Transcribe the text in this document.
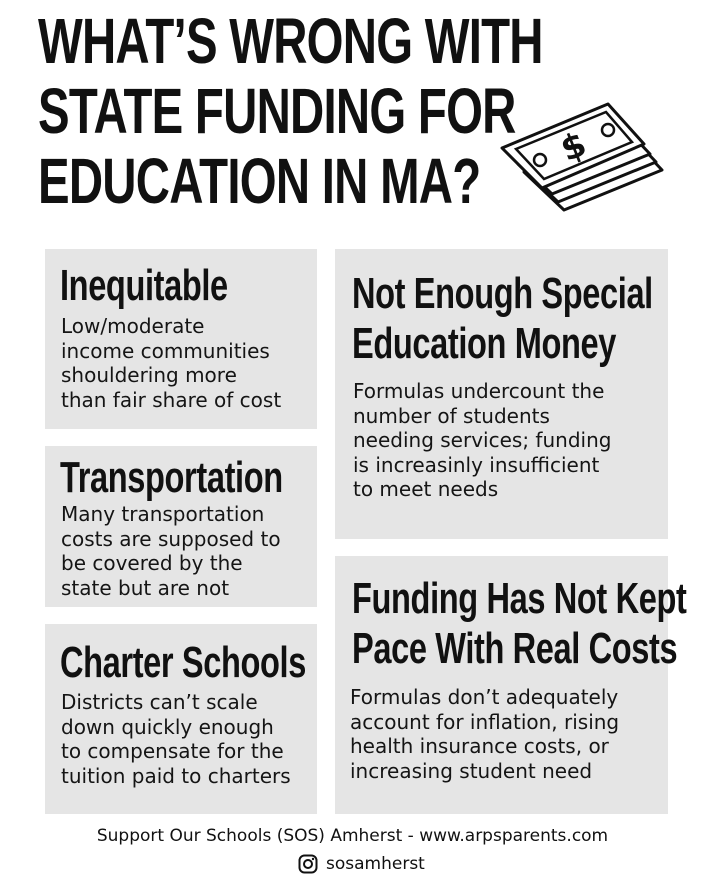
WHAT’S WRONG WITH
STATE FUNDING FOR
EDUCATION IN MA? $
Inequitable

Low/moderate
income communities
shouldering more
than fair share of cost

Transportation

Many transportation
costs are supposed to
be covered by the
state but are not

Charter Schools

Districts can’t scale
down quickly enough
to compensate for the
tuition paid to charters

Not Enough Special
Education Money

Formulas undercount the
number of students
needing services; funding
is increasinly insufficient
to meet needs

Funding Has Not Kept
Pace With Real Costs

Formulas don’t adequately
account for inflation, rising
health insurance costs, or
increasing student need

Support Our Schools (SOS) Amherst - www.arpsparents.com
sosamherst
